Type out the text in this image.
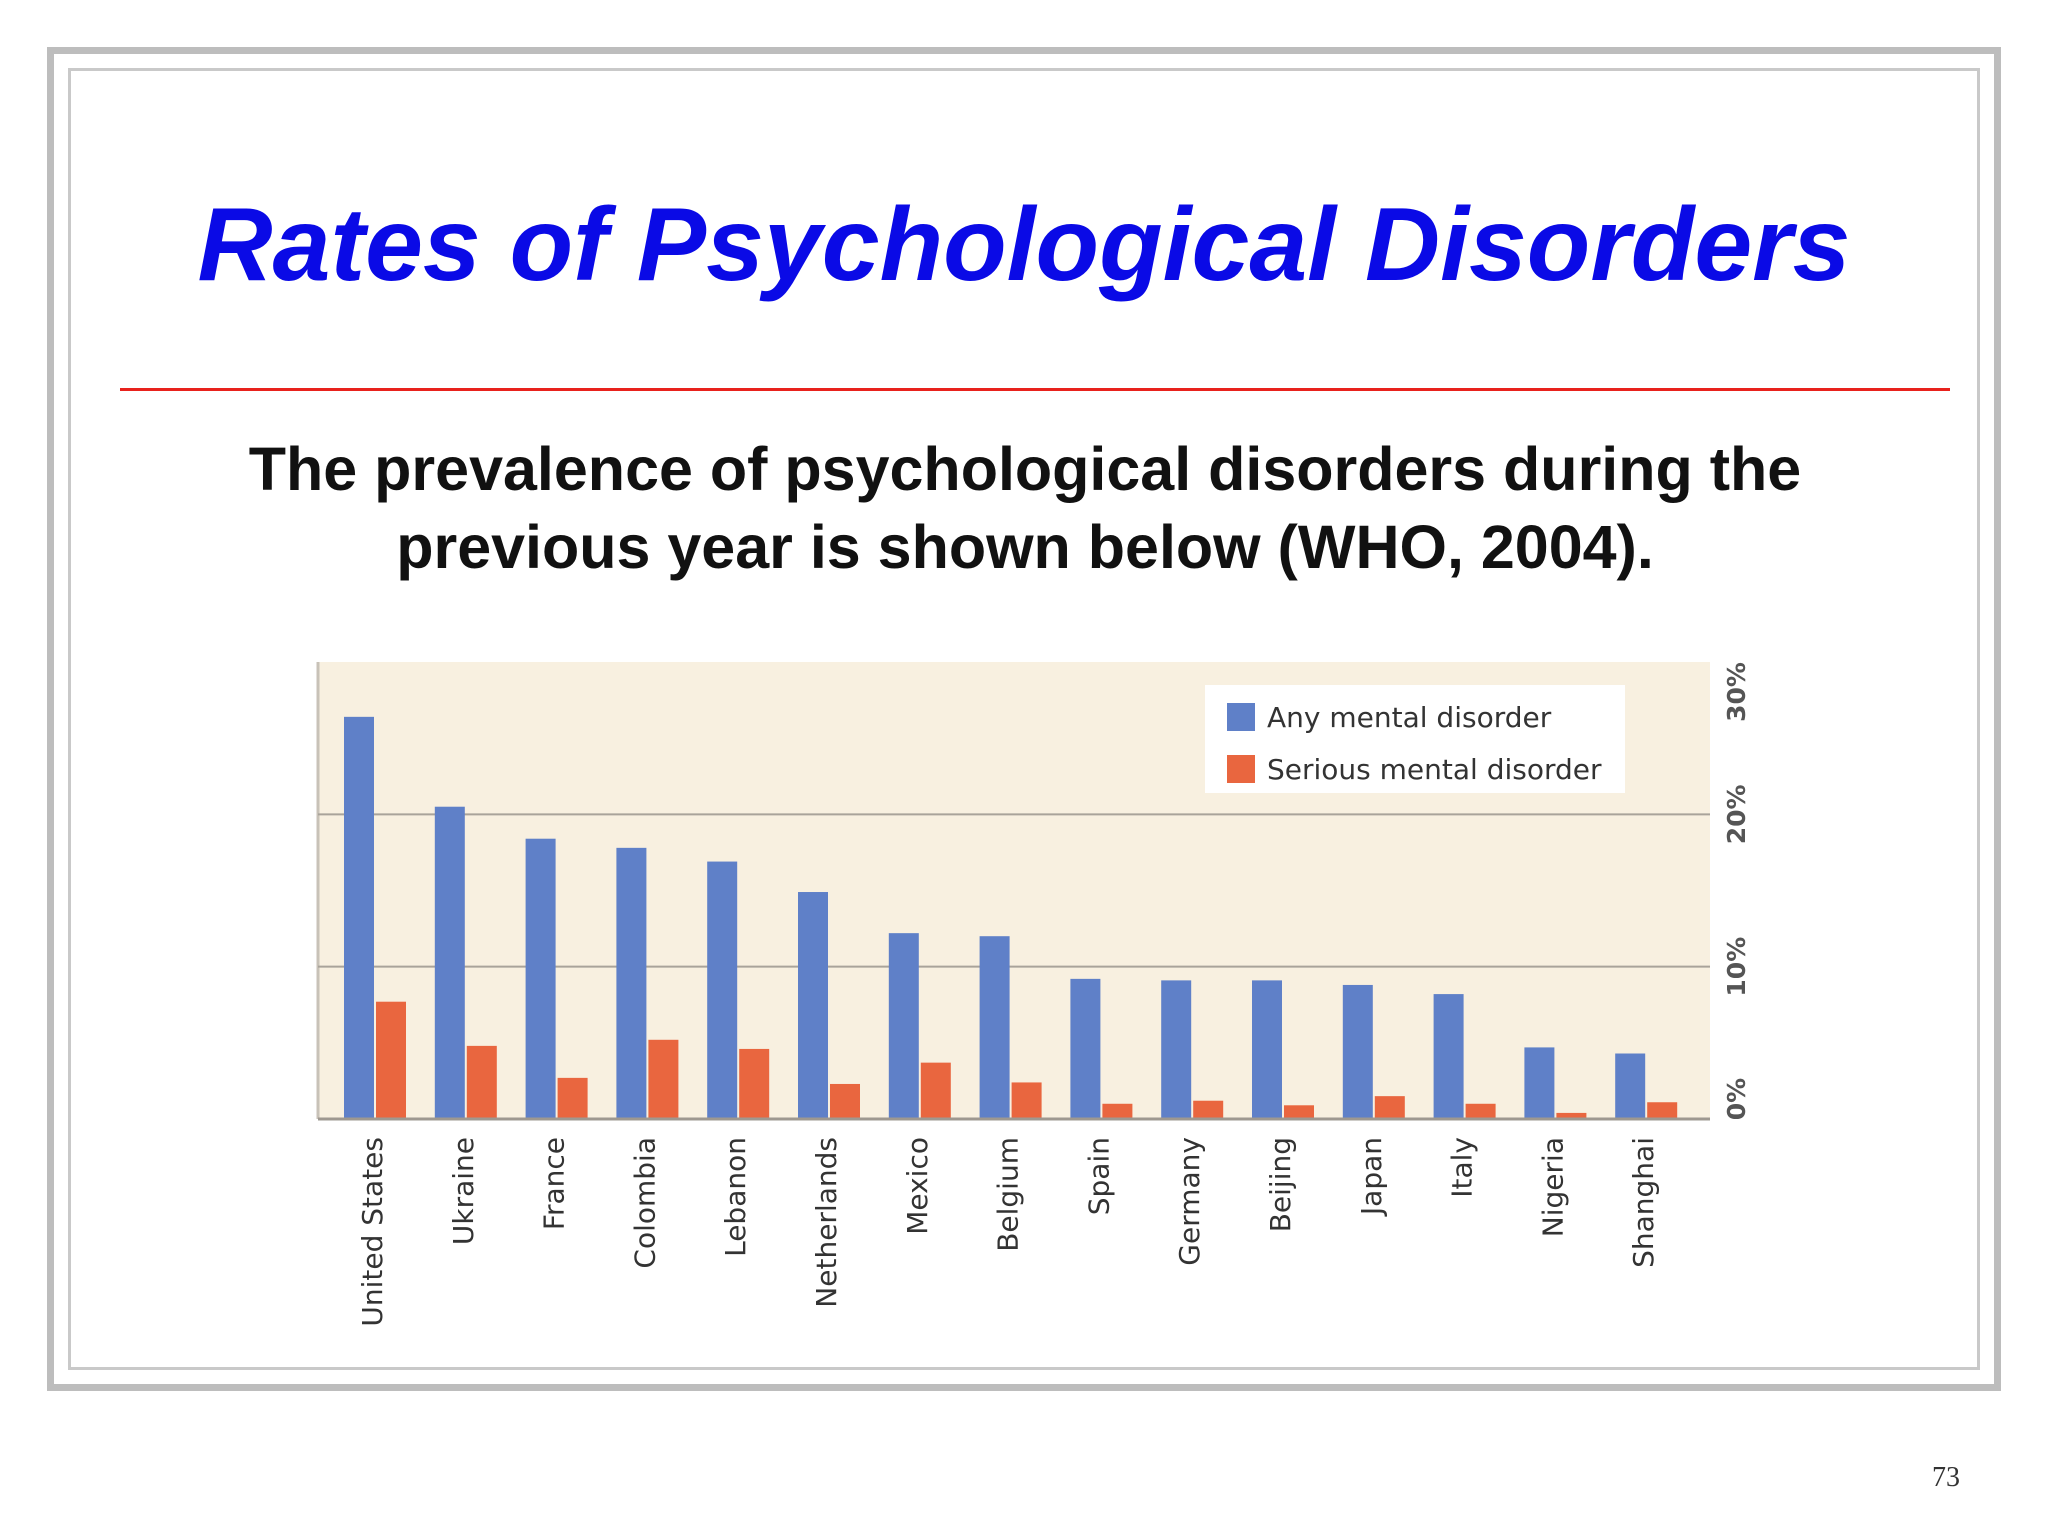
Rates of Psychological Disorders

The prevalence of psychological disorders during the
previous year is shown below (WHO, 2004).

0%
10%
20%
30%
United States Ukraine France Colombia Lebanon Netherlands Mexico Belgium Spain Germany Beijing Japan Italy Nigeria Shanghai
Any mental disorder
Serious mental disorder
73
